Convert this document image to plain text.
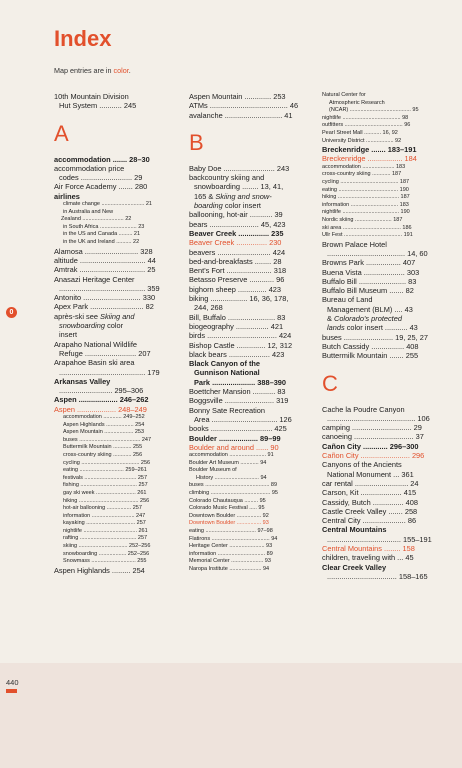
Index
Map entries are in color.
0
440
10th Mountain Division
Hut System ........... 245
A
accommodation ....... 28–30
accommodation price
codes ......................... 29
Air Force Academy ....... 280
airlines
climate change ............................ 21
in Australia and New
Zealand ........................... 22
in South Africa ........................ 23
in the US and Canada ......... 21
in the UK and Ireland .......... 22
Alamosa .......................... 328
altitude ................................ 44
Amtrak ................................ 25
Anasazi Heritage Center
.......................................... 359
Antonito ............................ 330
Apex Park .......................... 82
après-ski see Skiing and
snowboarding color
insert
Arapaho National Wildlife
Refuge ......................... 207
Arapahoe Basin ski area
.......................................... 179
Arkansas Valley
.......................... 295–306
Aspen ................... 246–262
Aspen ................... 248–249
accommodation ............ 249–252
Aspen Highlands .................. 254
Aspen Mountain ................... 253
buses ........................................ 247
Buttermilk Mountain ............ 255
cross-country skiing ............ 256
cycling ...................................... 256
eating ............................. 259–261
festivals .................................. 257
fishing ..................................... 257
gay ski week .......................... 261
hiking ....................................... 256
hot-air ballooning ................ 257
information ............................ 247
kayaking ................................ 257
nightlife ................................... 261
rafting ..................................... 257
skiing ................................ 252–256
snowboarding .................. 252–256
Snowmass ............................. 255
Aspen Highlands ......... 254
Aspen Mountain ............. 253
ATMs ...................................... 46
avalanche ............................ 41
B
Baby Doe ......................... 243
backcountry skiing and
snowboarding ........ 13, 41,
165 & Skiing and snow-
boarding color insert
ballooning, hot-air ........... 39
bears ........................ 45, 423
Beaver Creek ............... 235
Beaver Creek ............... 230
beavers .......................... 424
bed-and-breakfasts ........ 28
Bent's Fort ...................... 318
Betasso Preserve ............ 96
bighorn sheep .............. 423
biking .................. 16, 36, 178,
244, 268
Bill, Buffalo ....................... 83
biogeography ................ 421
birds .................................. 424
Bishop Castle .............. 12, 312
black bears .................... 423
Black Canyon of the
Gunnison National
Park ..................... 388–390
Boettcher Mansion ........... 83
Boggsville ........................ 319
Bonny Sate Recreation
Area ................................ 126
books .............................. 425
Boulder ................... 89–99
Boulder and around ...... 90
accommodation ........................ 91
Boulder Art Museum ............ 94
Boulder Museum of
History ............................. 94
buses .......................................... 89
climbing ....................................... 95
Colorado Chautauqua ......... 95
Colorado Music Festival ..... 95
Downtown Boulder ................ 92
Downtown Boulder ................ 93
eating ................................. 97–98
Flatirons ...................................... 94
Heritage Center ....................... 93
information ............................... 89
Memorial Center ..................... 93
Naropa Institute ..................... 94
Natural Center for
Atmospheric Research
(NCAR) ........................................ 95
nightlife ...................................... 98
outfitters ...................................... 96
Pearl Street Mall ........... 16, 92
University District .................. 92
Breckenridge ....... 183–191
Breckenridge ................. 184
accommodation ..................... 183
cross-country skiing ............ 187
cycling ...................................... 187
eating ....................................... 190
hiking ........................................ 187
information ............................... 183
nightlife ..................................... 190
Nordic skiing ........................ 187
ski area ...................................... 186
Ullr Fest ...................................... 191
Brown Palace Hotel
...................................... 14, 60
Browns Park ................. 407
Buena Vista .................... 303
Buffalo Bill ....................... 83
Buffalo Bill Museum ....... 82
Bureau of Land
Management (BLM) .... 43
& Colorado's protected
lands color insert ........... 43
buses ........................ 19, 25, 27
Butch Cassidy ................ 408
Buttermilk Mountain ....... 255
C
Cache la Poudre Canyon
........................................... 106
camping ............................. 29
canoeing ............................. 37
Cañon City ............ 296–300
Cañon City ........................ 296
Canyons of the Ancients
National Monument ... 361
car rental .......................... 24
Carson, Kit .................... 415
Cassidy, Butch ............... 408
Castle Creek Valley ....... 258
Central City ..................... 86
Central Mountains
.................................... 155–191
Central Mountains ........ 158
children, traveling with ... 45
Clear Creek Valley
.................................. 158–165
